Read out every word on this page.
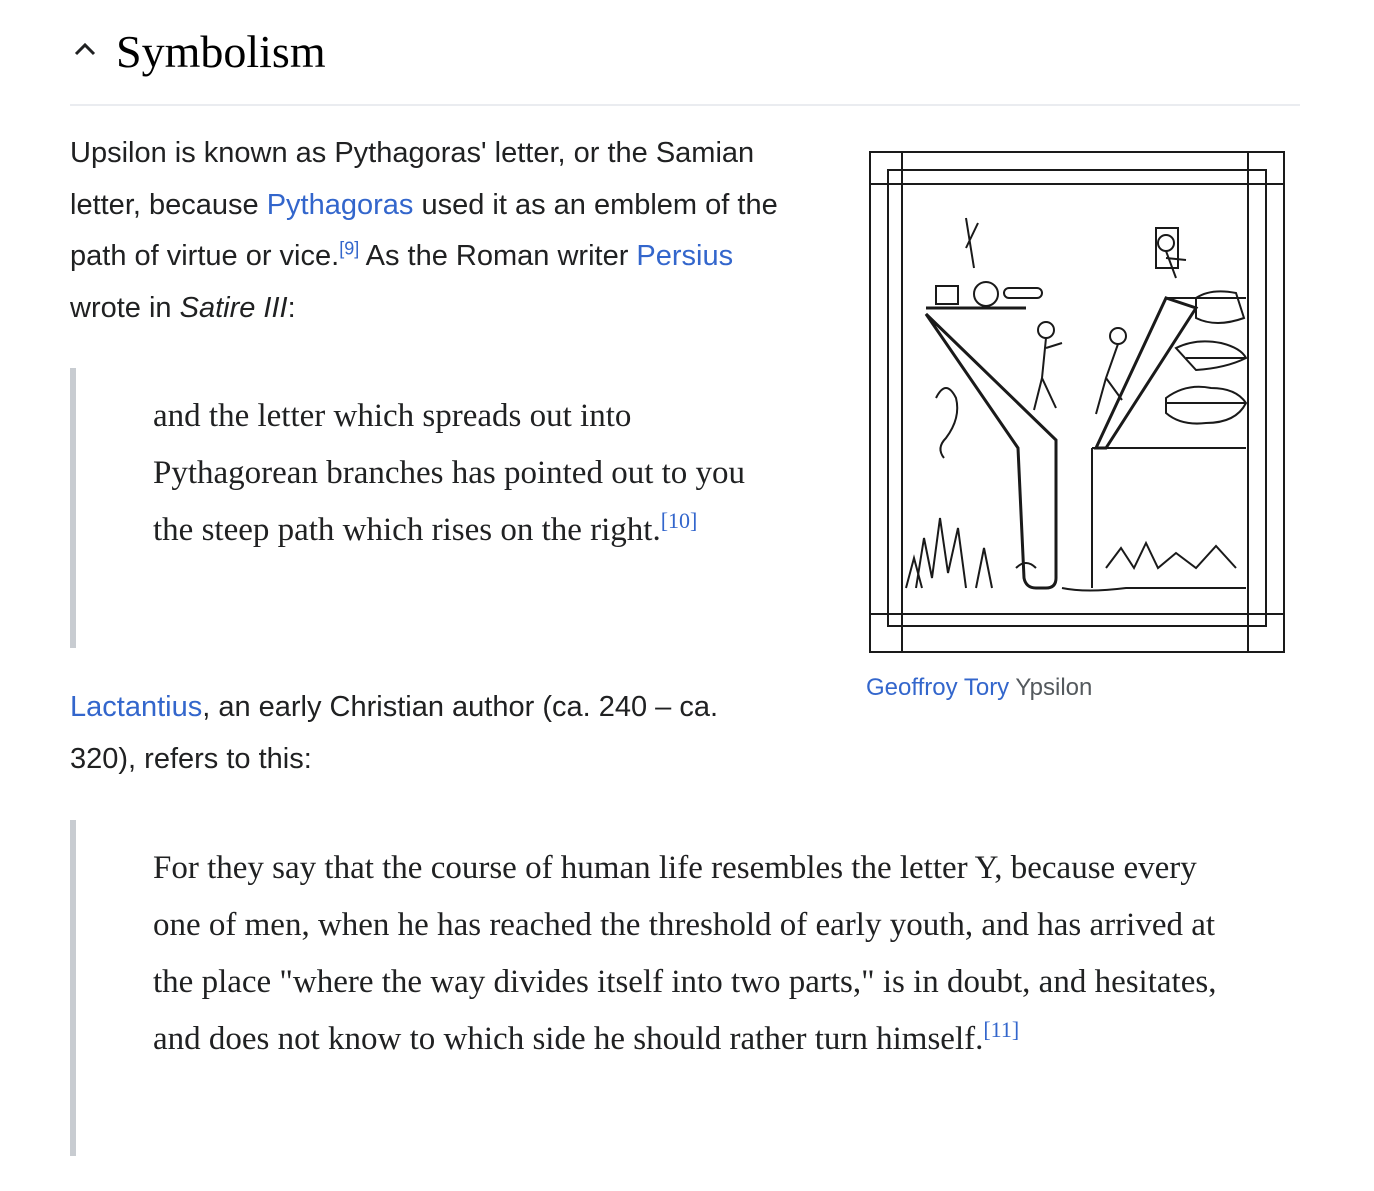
Symbolism
Upsilon is known as Pythagoras' letter, or the Samian letter, because Pythagoras used it as an emblem of the path of virtue or vice.[9] As the Roman writer Persius wrote in Satire III:
and the letter which spreads out into Pythagorean branches has pointed out to you the steep path which rises on the right.[10]
Lactantius, an early Christian author (ca. 240 – ca. 320), refers to this:
For they say that the course of human life resembles the letter Y, because every one of men, when he has reached the threshold of early youth, and has arrived at the place "where the way divides itself into two parts," is in doubt, and hesitates, and does not know to which side he should rather turn himself.[11]
Geoffroy Tory Ypsilon
